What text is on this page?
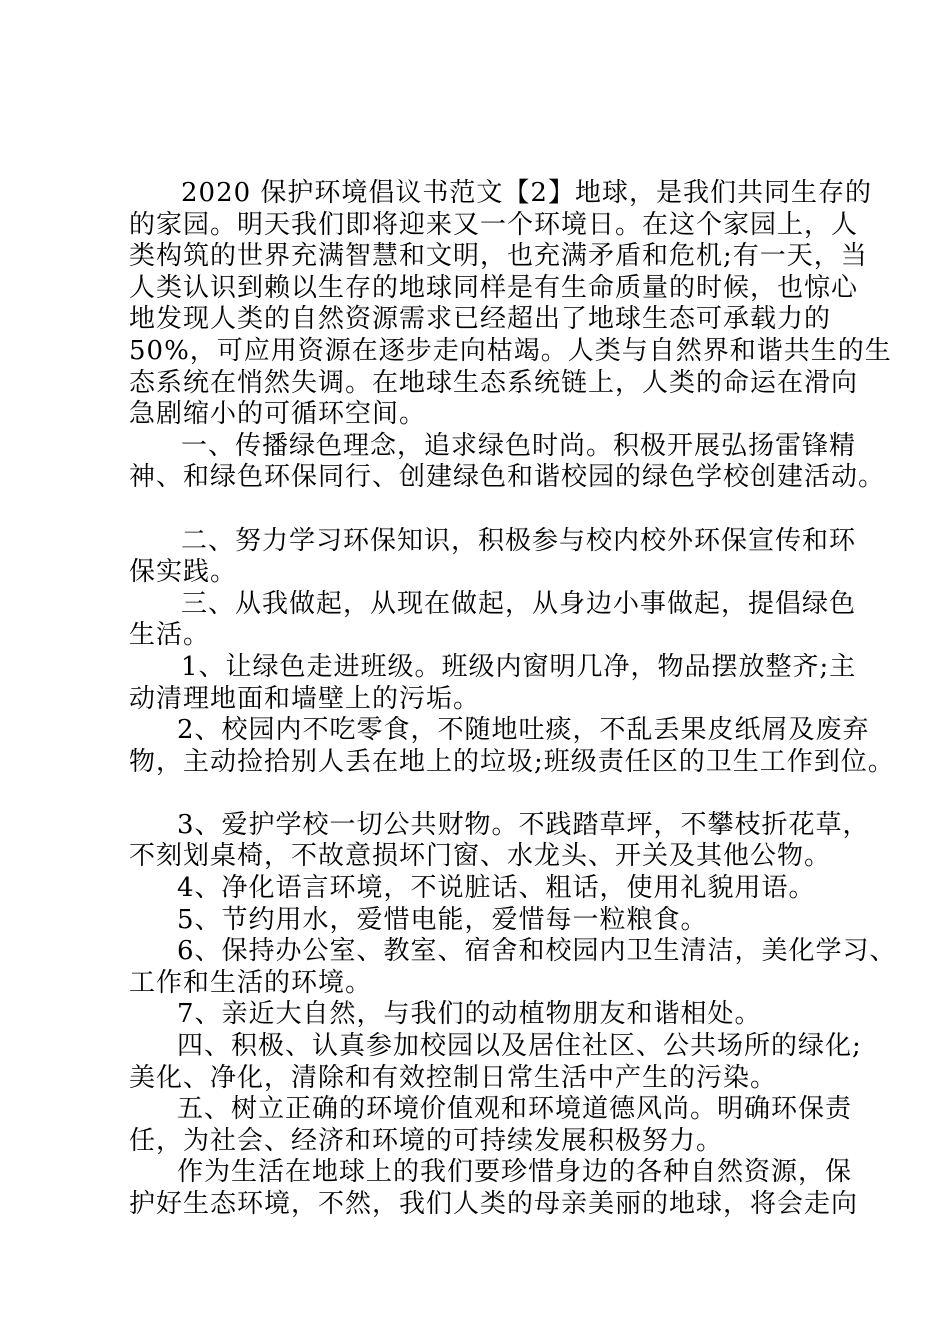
2020 保护环境倡议书范文【2】地球，是我们共同生存的
的家园。明天我们即将迎来又一个环境日。在这个家园上，人
类构筑的世界充满智慧和文明，也充满矛盾和危机;有一天，当
人类认识到赖以生存的地球同样是有生命质量的时候，也惊心
地发现人类的自然资源需求已经超出了地球生态可承载力的
50%，可应用资源在逐步走向枯竭。人类与自然界和谐共生的生
态系统在悄然失调。在地球生态系统链上，人类的命运在滑向
急剧缩小的可循环空间。
一、传播绿色理念，追求绿色时尚。积极开展弘扬雷锋精
神、和绿色环保同行、创建绿色和谐校园的绿色学校创建活动。
二、努力学习环保知识，积极参与校内校外环保宣传和环
保实践。
三、从我做起，从现在做起，从身边小事做起，提倡绿色
生活。
1、让绿色走进班级。班级内窗明几净，物品摆放整齐;主
动清理地面和墙壁上的污垢。
2、校园内不吃零食，不随地吐痰，不乱丢果皮纸屑及废弃
物，主动捡拾别人丢在地上的垃圾;班级责任区的卫生工作到位。
3、爱护学校一切公共财物。不践踏草坪，不攀枝折花草，
不刻划桌椅，不故意损坏门窗、水龙头、开关及其他公物。
4、净化语言环境，不说脏话、粗话，使用礼貌用语。
5、节约用水，爱惜电能，爱惜每一粒粮食。
6、保持办公室、教室、宿舍和校园内卫生清洁，美化学习、
工作和生活的环境。
7、亲近大自然，与我们的动植物朋友和谐相处。
四、积极、认真参加校园以及居住社区、公共场所的绿化;
美化、净化，清除和有效控制日常生活中产生的污染。
五、树立正确的环境价值观和环境道德风尚。明确环保责
任，为社会、经济和环境的可持续发展积极努力。
作为生活在地球上的我们要珍惜身边的各种自然资源，保
护好生态环境，不然，我们人类的母亲美丽的地球，将会走向
